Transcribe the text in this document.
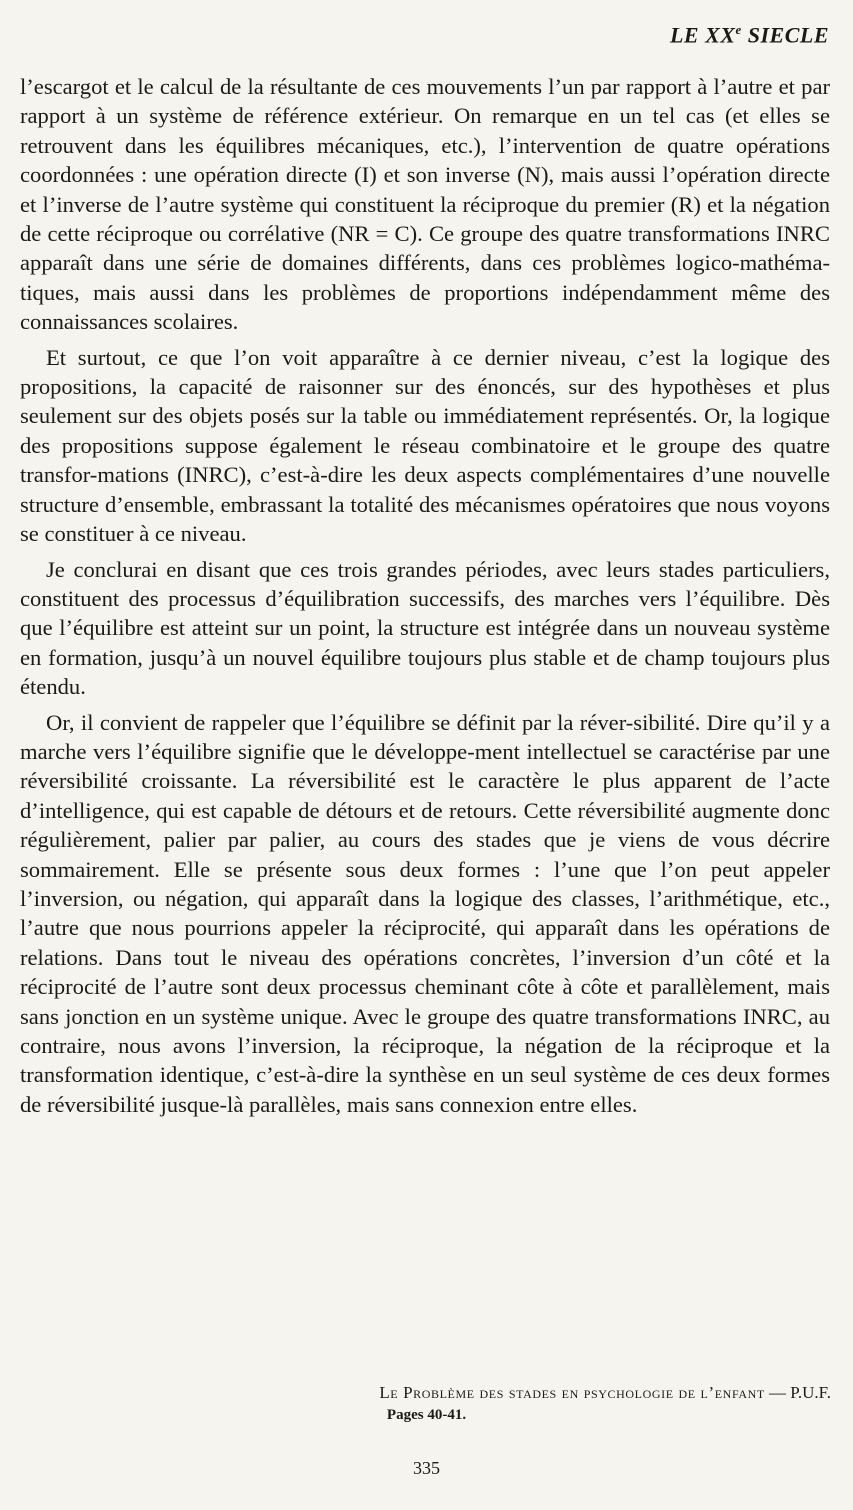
LE XXe SIECLE

l’escargot et le calcul de la résultante de ces mouvements l’un par rapport à l’autre et par rapport à un système de référence extérieur. On remarque en un tel cas (et elles se retrouvent dans les équilibres mécaniques, etc.), l’intervention de quatre opérations coordonnées : une opération directe (I) et son inverse (N), mais aussi l’opération directe et l’inverse de l’autre système qui constituent la réciproque du premier (R) et la négation de cette réciproque ou corrélative (NR = C). Ce groupe des quatre transformations INRC apparaît dans une série de domaines différents, dans ces problèmes logico-mathéma-tiques, mais aussi dans les problèmes de proportions indépendamment même des connaissances scolaires.

Et surtout, ce que l’on voit apparaître à ce dernier niveau, c’est la logique des propositions, la capacité de raisonner sur des énoncés, sur des hypothèses et plus seulement sur des objets posés sur la table ou immédiatement représentés. Or, la logique des propositions suppose également le réseau combinatoire et le groupe des quatre transfor-mations (INRC), c’est-à-dire les deux aspects complémentaires d’une nouvelle structure d’ensemble, embrassant la totalité des mécanismes opératoires que nous voyons se constituer à ce niveau.

Je conclurai en disant que ces trois grandes périodes, avec leurs stades particuliers, constituent des processus d’équilibration successifs, des marches vers l’équilibre. Dès que l’équilibre est atteint sur un point, la structure est intégrée dans un nouveau système en formation, jusqu’à un nouvel équilibre toujours plus stable et de champ toujours plus étendu.

Or, il convient de rappeler que l’équilibre se définit par la réver-sibilité. Dire qu’il y a marche vers l’équilibre signifie que le développe-ment intellectuel se caractérise par une réversibilité croissante. La réversibilité est le caractère le plus apparent de l’acte d’intelligence, qui est capable de détours et de retours. Cette réversibilité augmente donc régulièrement, palier par palier, au cours des stades que je viens de vous décrire sommairement. Elle se présente sous deux formes : l’une que l’on peut appeler l’inversion, ou négation, qui apparaît dans la logique des classes, l’arithmétique, etc., l’autre que nous pourrions appeler la réciprocité, qui apparaît dans les opérations de relations. Dans tout le niveau des opérations concrètes, l’inversion d’un côté et la réciprocité de l’autre sont deux processus cheminant côte à côte et parallèlement, mais sans jonction en un système unique. Avec le groupe des quatre transformations INRC, au contraire, nous avons l’inversion, la réciproque, la négation de la réciproque et la transformation identique, c’est-à-dire la synthèse en un seul système de ces deux formes de réversibilité jusque-là parallèles, mais sans connexion entre elles.

Le Problème des stades en psychologie de l’enfant — P.U.F.
Pages 40-41.
335
